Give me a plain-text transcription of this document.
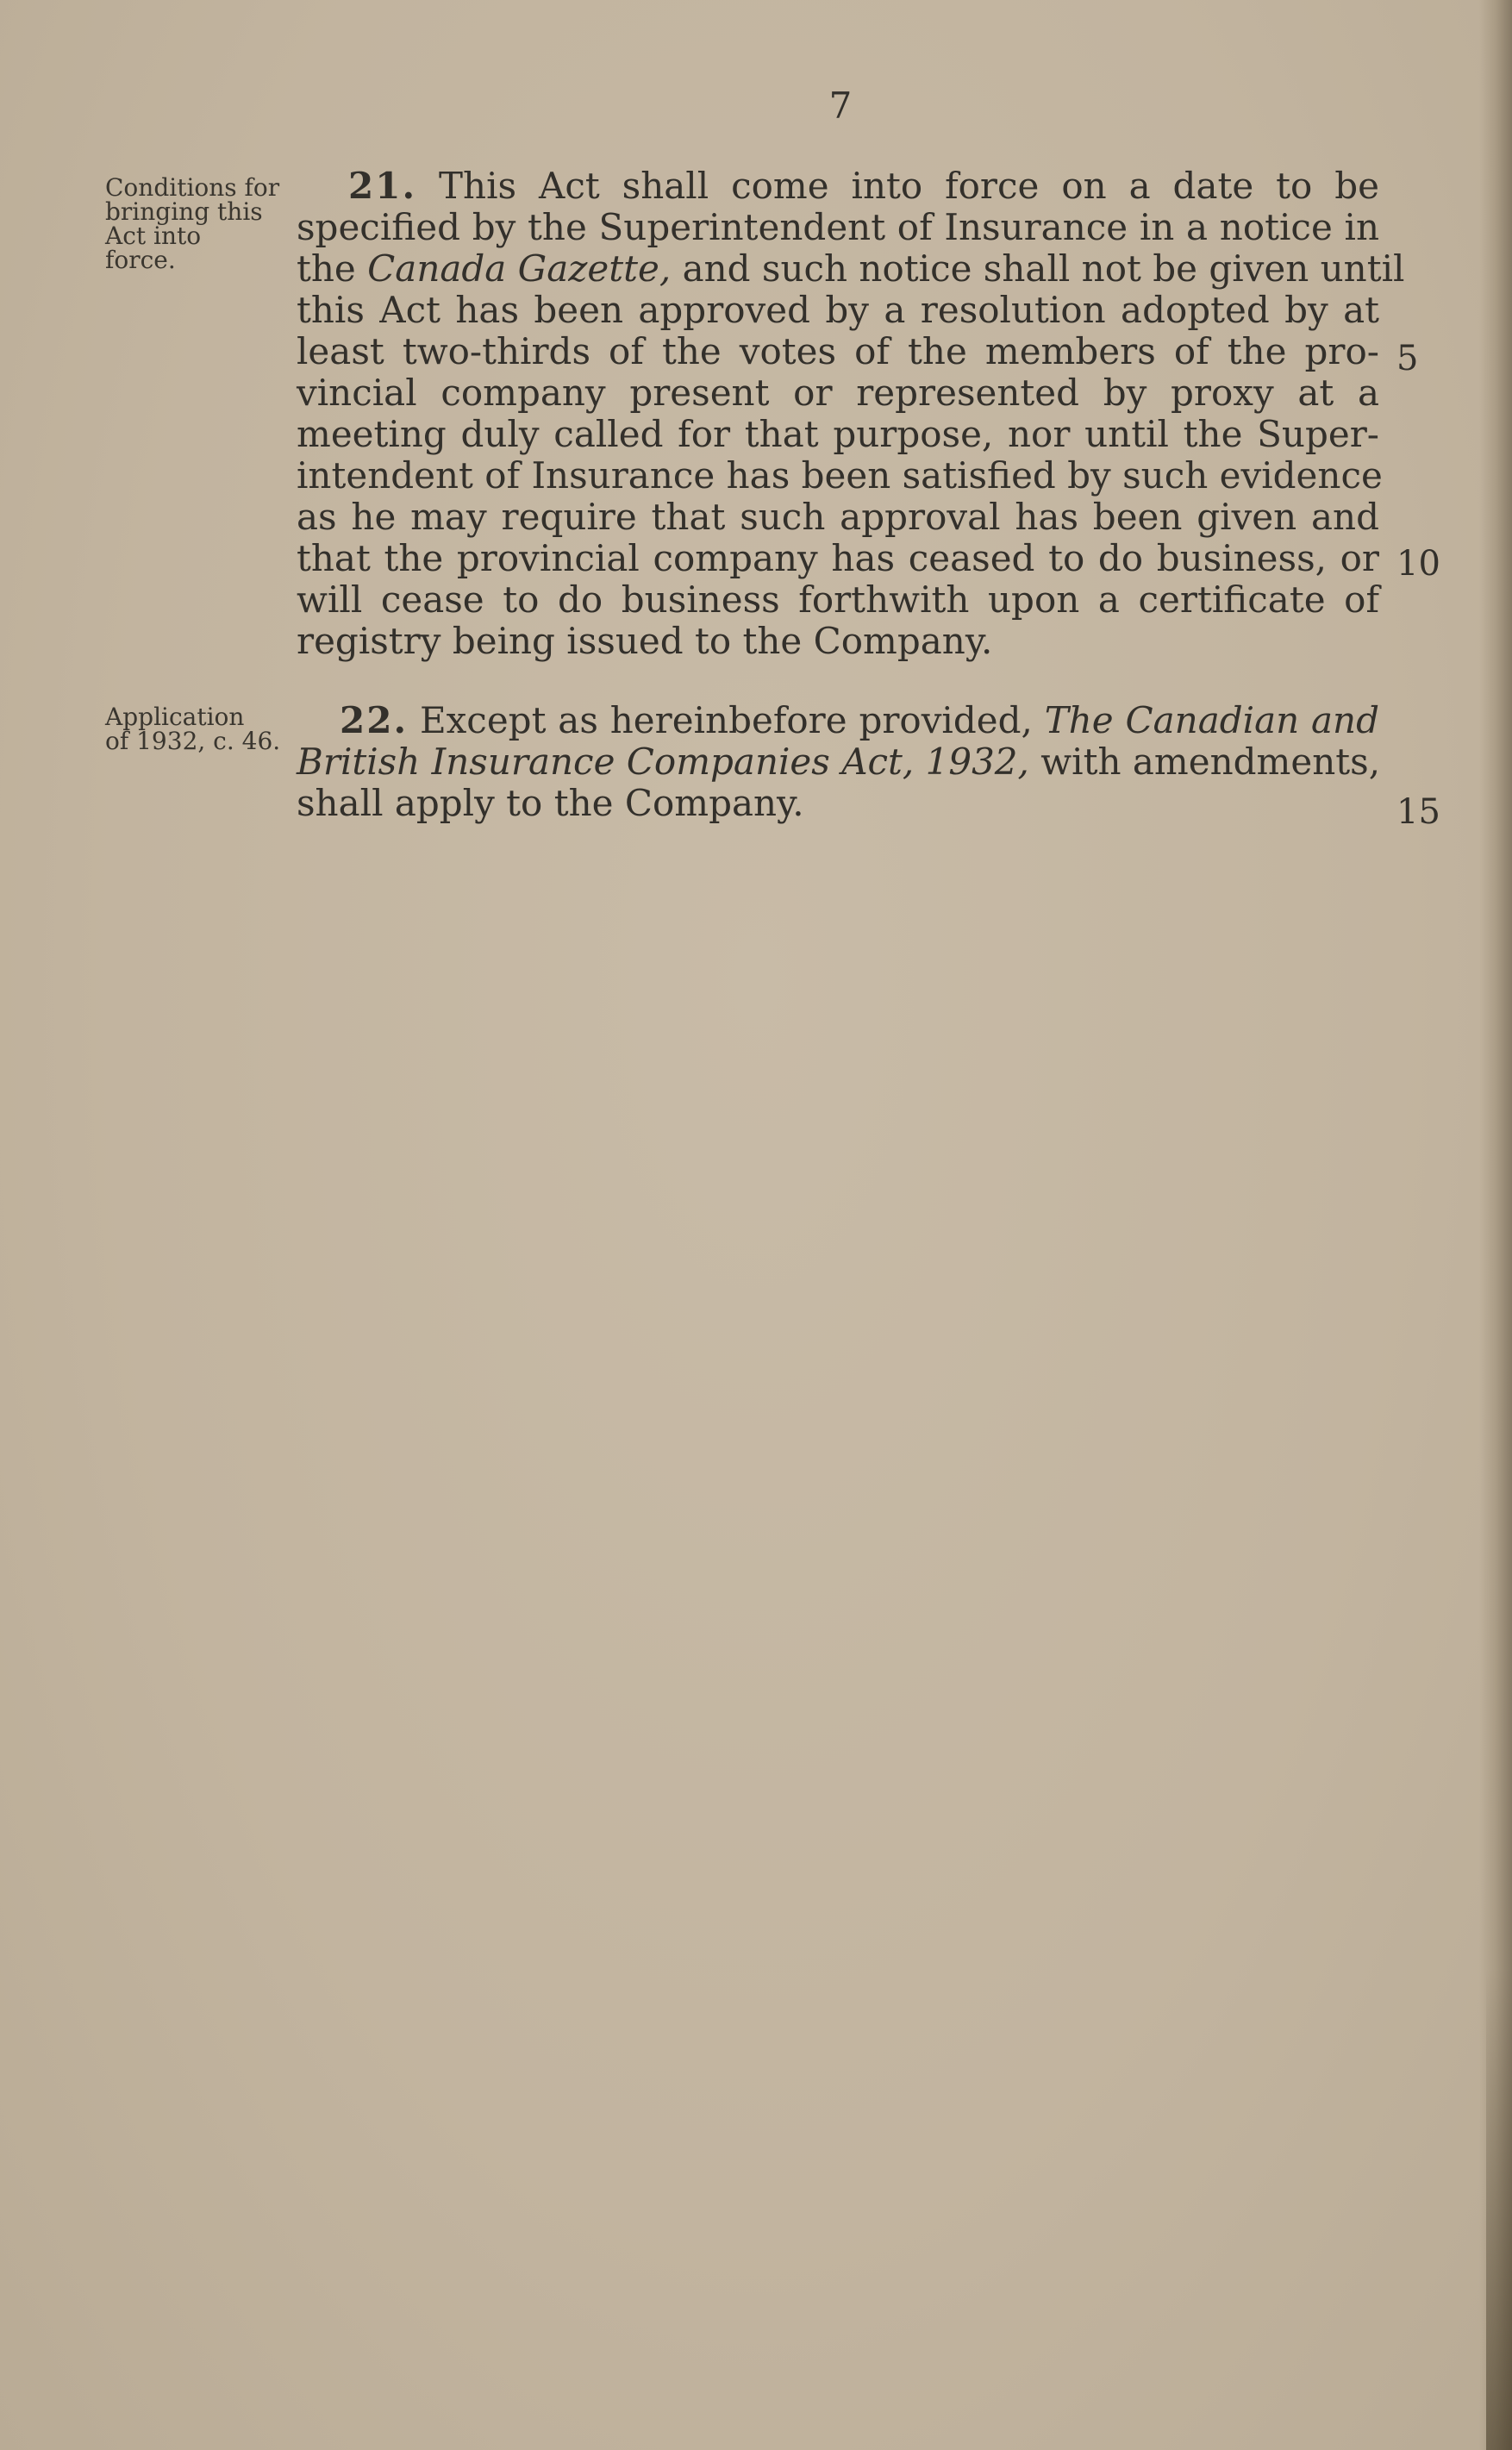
7
Conditions for
bringing this
Act into
force.
21. This Act shall come into force on a date to be
specified by the Superintendent of Insurance in a notice in
the Canada Gazette, and such notice shall not be given until
this Act has been approved by a resolution adopted by at
least two-thirds of the votes of the members of the pro-
vincial company present or represented by proxy at a
meeting duly called for that purpose, nor until the Super-
intendent of Insurance has been satisfied by such evidence
as he may require that such approval has been given and
that the provincial company has ceased to do business, or
will cease to do business forthwith upon a certificate of
registry being issued to the Company.
5
10
Application
of 1932, c. 46.	22. Except as hereinbefore provided, The Canadian and
British Insurance Companies Act, 1932, with amendments,
shall apply to the Company.	15
